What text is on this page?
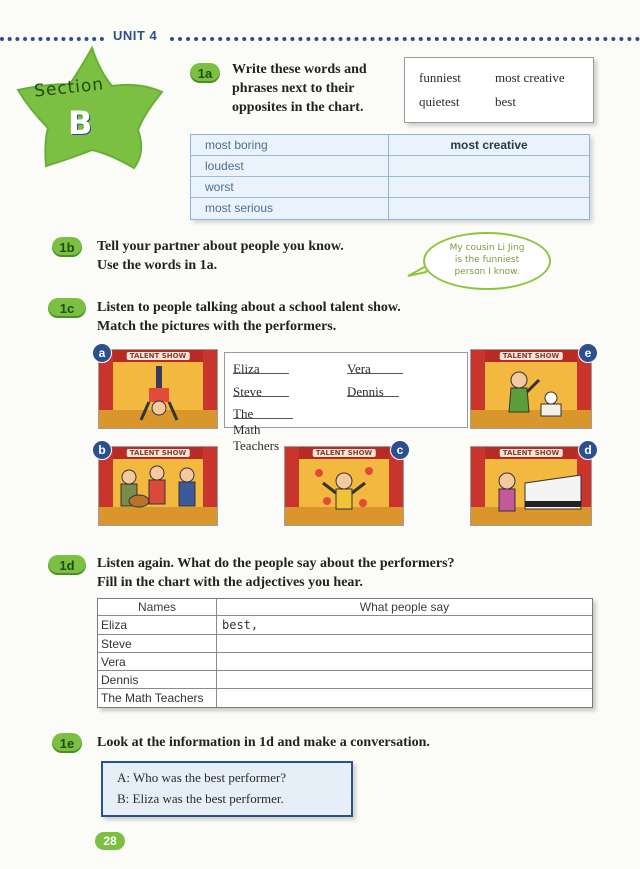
UNIT 4
Section
B
1a	Write these words and
phrases next to their
opposites in the chart.
funniest	most creative
quietest	best
most boring	most creative
loudest
worst
most serious
1b	Tell your partner about people you know.
Use the words in 1a.
My cousin Li Jing
is the funniest
person I know.
1c	Listen to people talking about a school talent show.
Match the pictures with the performers.
TALENT SHOW
a
Eliza	Vera
Steve	Dennis
The Math Teachers
TALENT SHOW	e
TALENT SHOW
b	TALENT SHOW	c	TALENT SHOW	d
1d	Listen again. What do the people say about the performers?
Fill in the chart with the adjectives you hear.
Names	What people say
Eliza	best,
Steve
Vera
Dennis
The Math Teachers
1e	Look at the information in 1d and make a conversation.
A: Who was the best performer?
B: Eliza was the best performer.
28
